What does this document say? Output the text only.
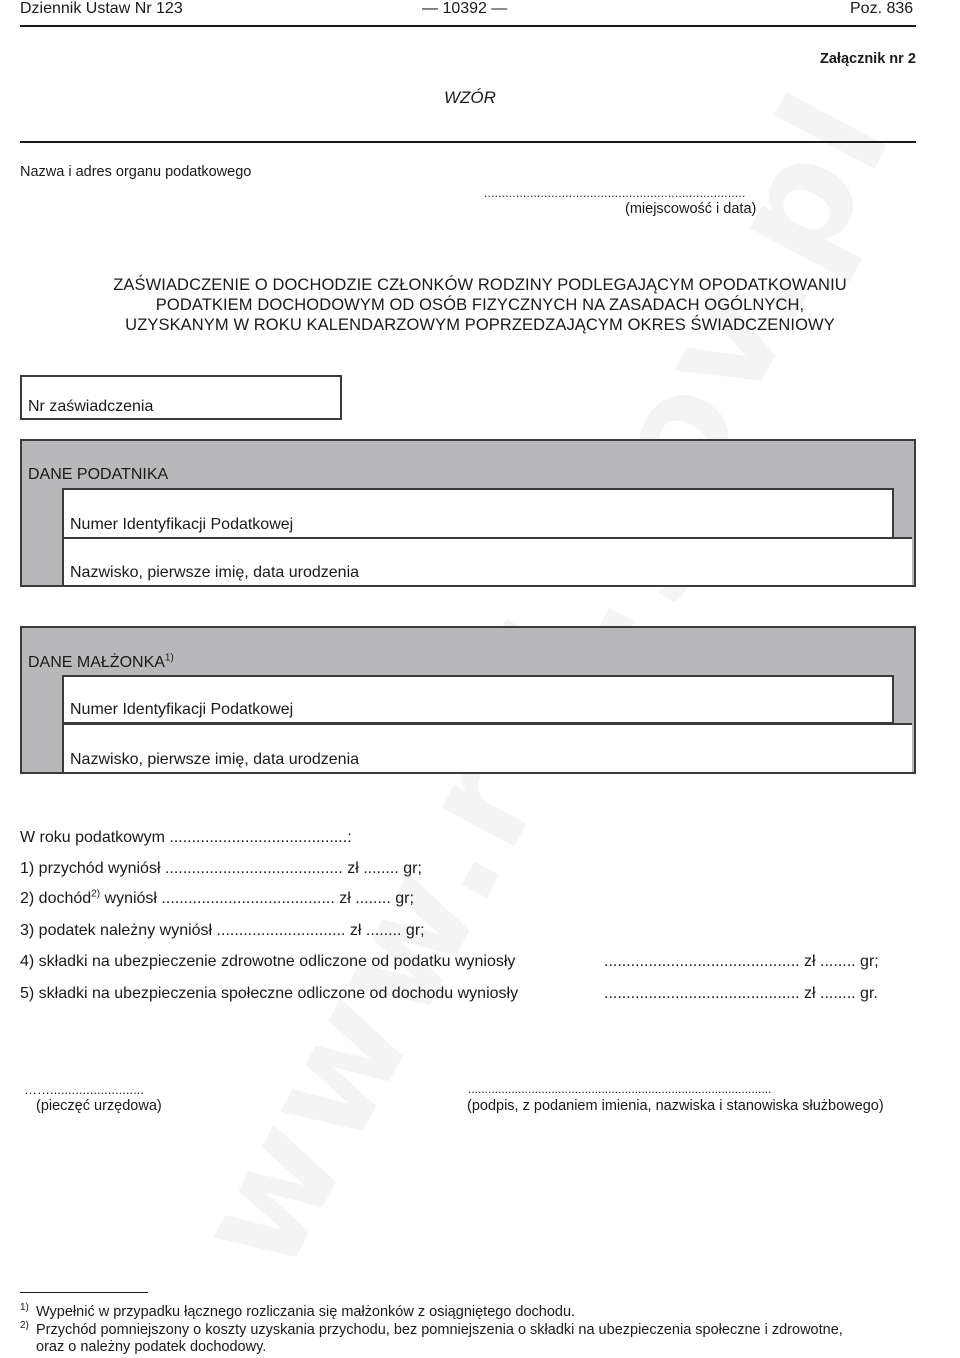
Dziennik Ustaw Nr 123	— 10392 —	Poz. 836
Załącznik nr 2
WZÓR
Nazwa i adres organu podatkowego
..........................................................................
(miejscowość i data)
ZAŚWIADCZENIE O DOCHODZIE CZŁONKÓW RODZINY PODLEGAJĄCYM OPODATKOWANIU
PODATKIEM DOCHODOWYM OD OSÓB FIZYCZNYCH NA ZASADACH OGÓLNYCH,
UZYSKANYM W ROKU KALENDARZOWYM POPRZEDZAJĄCYM OKRES ŚWIADCZENIOWY
Nr zaświadczenia
DANE PODATNIKA
Numer Identyfikacji Podatkowej
Nazwisko, pierwsze imię, data urodzenia
DANE MAŁŻONKA$^{1)}$
Numer Identyfikacji Podatkowej
Nazwisko, pierwsze imię, data urodzenia
W roku podatkowym ........................................:
1) przychód wyniósł ........................................ zł ........ gr;
2) dochód$^{2)}$ wyniósł ....................................... zł ........ gr;
3) podatek należny wyniósł ............................. zł ........ gr;
4) składki na ubezpieczenie zdrowotne odliczone od podatku wyniosły	............................................ zł ........ gr;
5) składki na ubezpieczenia społeczne odliczone od dochodu wyniosły	............................................ zł ........ gr.
……..........................
(pieczęć urzędowa)
...........................................................................................
(podpis, z podaniem imienia, nazwiska i stanowiska służbowego)
1) Wypełnić w przypadku łącznego rozliczania się małżonków z osiągniętego dochodu.
2) Przychód pomniejszony o koszty uzyskania przychodu, bez pomniejszenia o składki na ubezpieczenia społeczne i zdrowotne,
oraz o należny podatek dochodowy.
